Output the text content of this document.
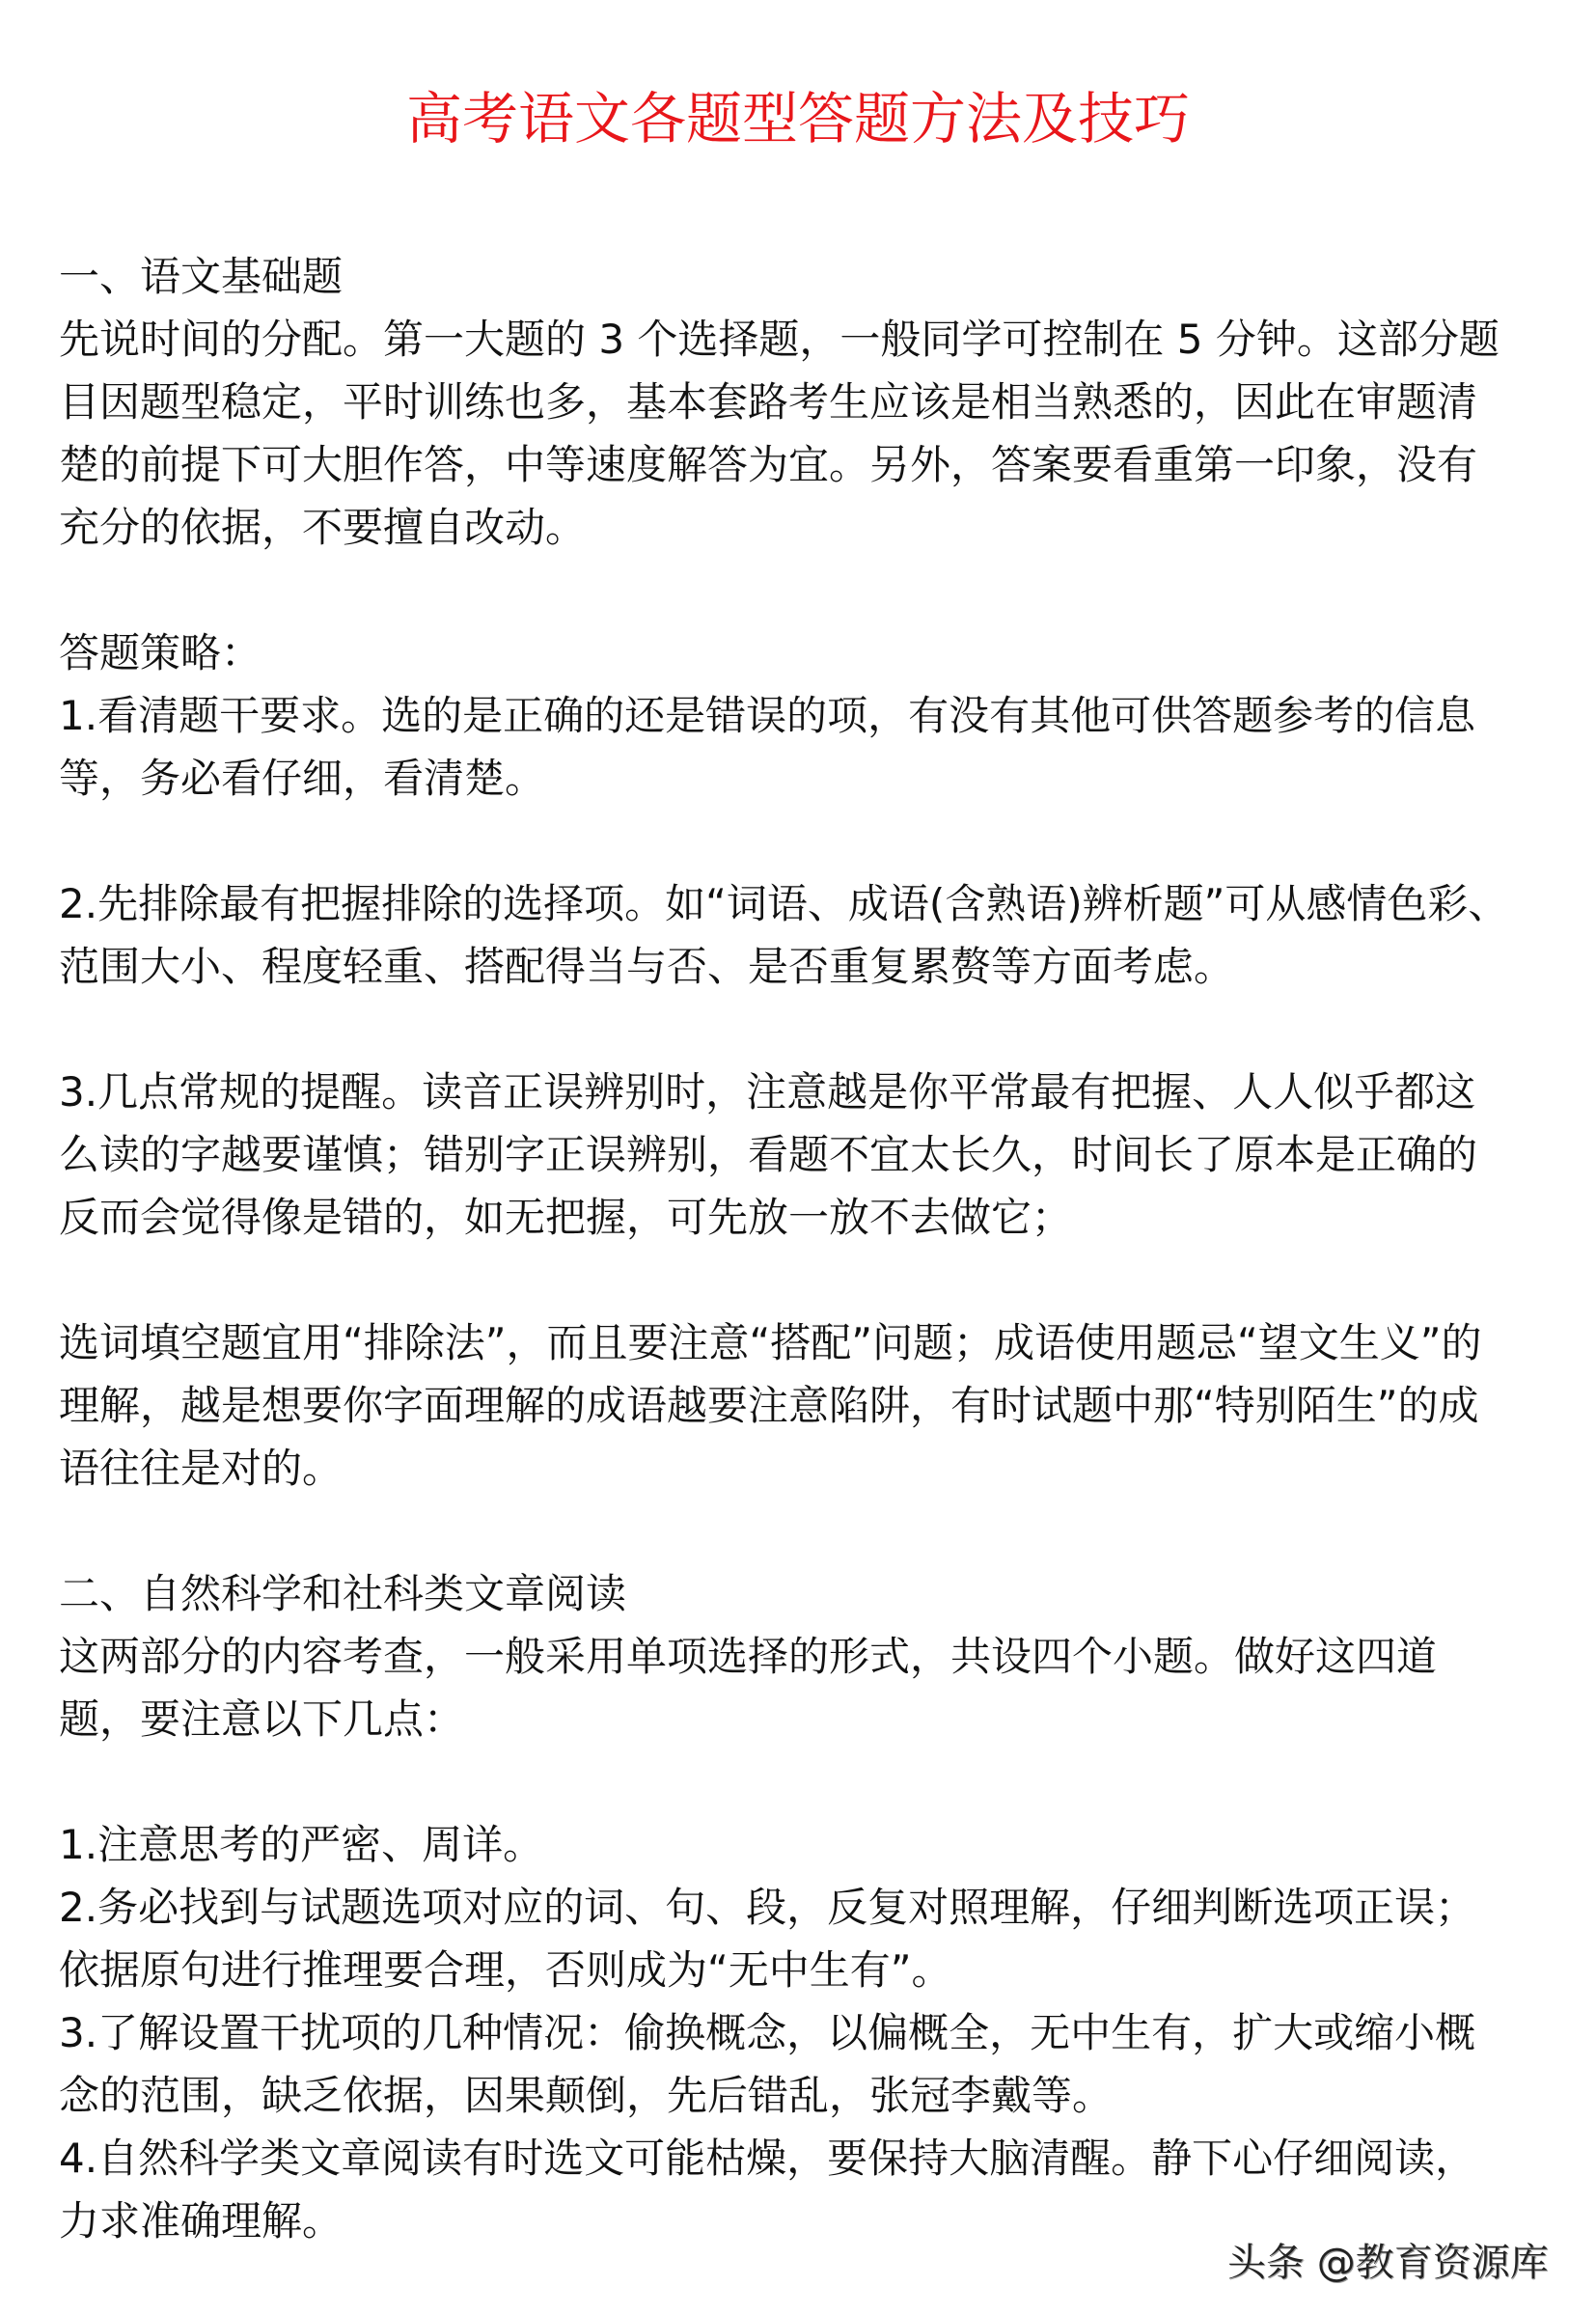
高考语文各题型答题方法及技巧
一、语文基础题
先说时间的分配。第一大题的 3 个选择题，一般同学可控制在 5 分钟。这部分题
目因题型稳定，平时训练也多，基本套路考生应该是相当熟悉的，因此在审题清
楚的前提下可大胆作答，中等速度解答为宜。另外，答案要看重第一印象，没有
充分的依据，不要擅自改动。
答题策略：
1.看清题干要求。选的是正确的还是错误的项，有没有其他可供答题参考的信息
等，务必看仔细，看清楚。
2.先排除最有把握排除的选择项。如“词语、成语(含熟语)辨析题”可从感情色彩、
范围大小、程度轻重、搭配得当与否、是否重复累赘等方面考虑。
3.几点常规的提醒。读音正误辨别时，注意越是你平常最有把握、人人似乎都这
么读的字越要谨慎；错别字正误辨别，看题不宜太长久，时间长了原本是正确的
反而会觉得像是错的，如无把握，可先放一放不去做它；
选词填空题宜用“排除法”，而且要注意“搭配”问题；成语使用题忌“望文生义”的
理解，越是想要你字面理解的成语越要注意陷阱，有时试题中那“特别陌生”的成
语往往是对的。
二、自然科学和社科类文章阅读
这两部分的内容考查，一般采用单项选择的形式，共设四个小题。做好这四道
题，要注意以下几点：
1.注意思考的严密、周详。
2.务必找到与试题选项对应的词、句、段，反复对照理解，仔细判断选项正误；
依据原句进行推理要合理，否则成为“无中生有”。
3.了解设置干扰项的几种情况：偷换概念，以偏概全，无中生有，扩大或缩小概
念的范围，缺乏依据，因果颠倒，先后错乱，张冠李戴等。
4.自然科学类文章阅读有时选文可能枯燥，要保持大脑清醒。静下心仔细阅读，
力求准确理解。
头条 @教育资源库
